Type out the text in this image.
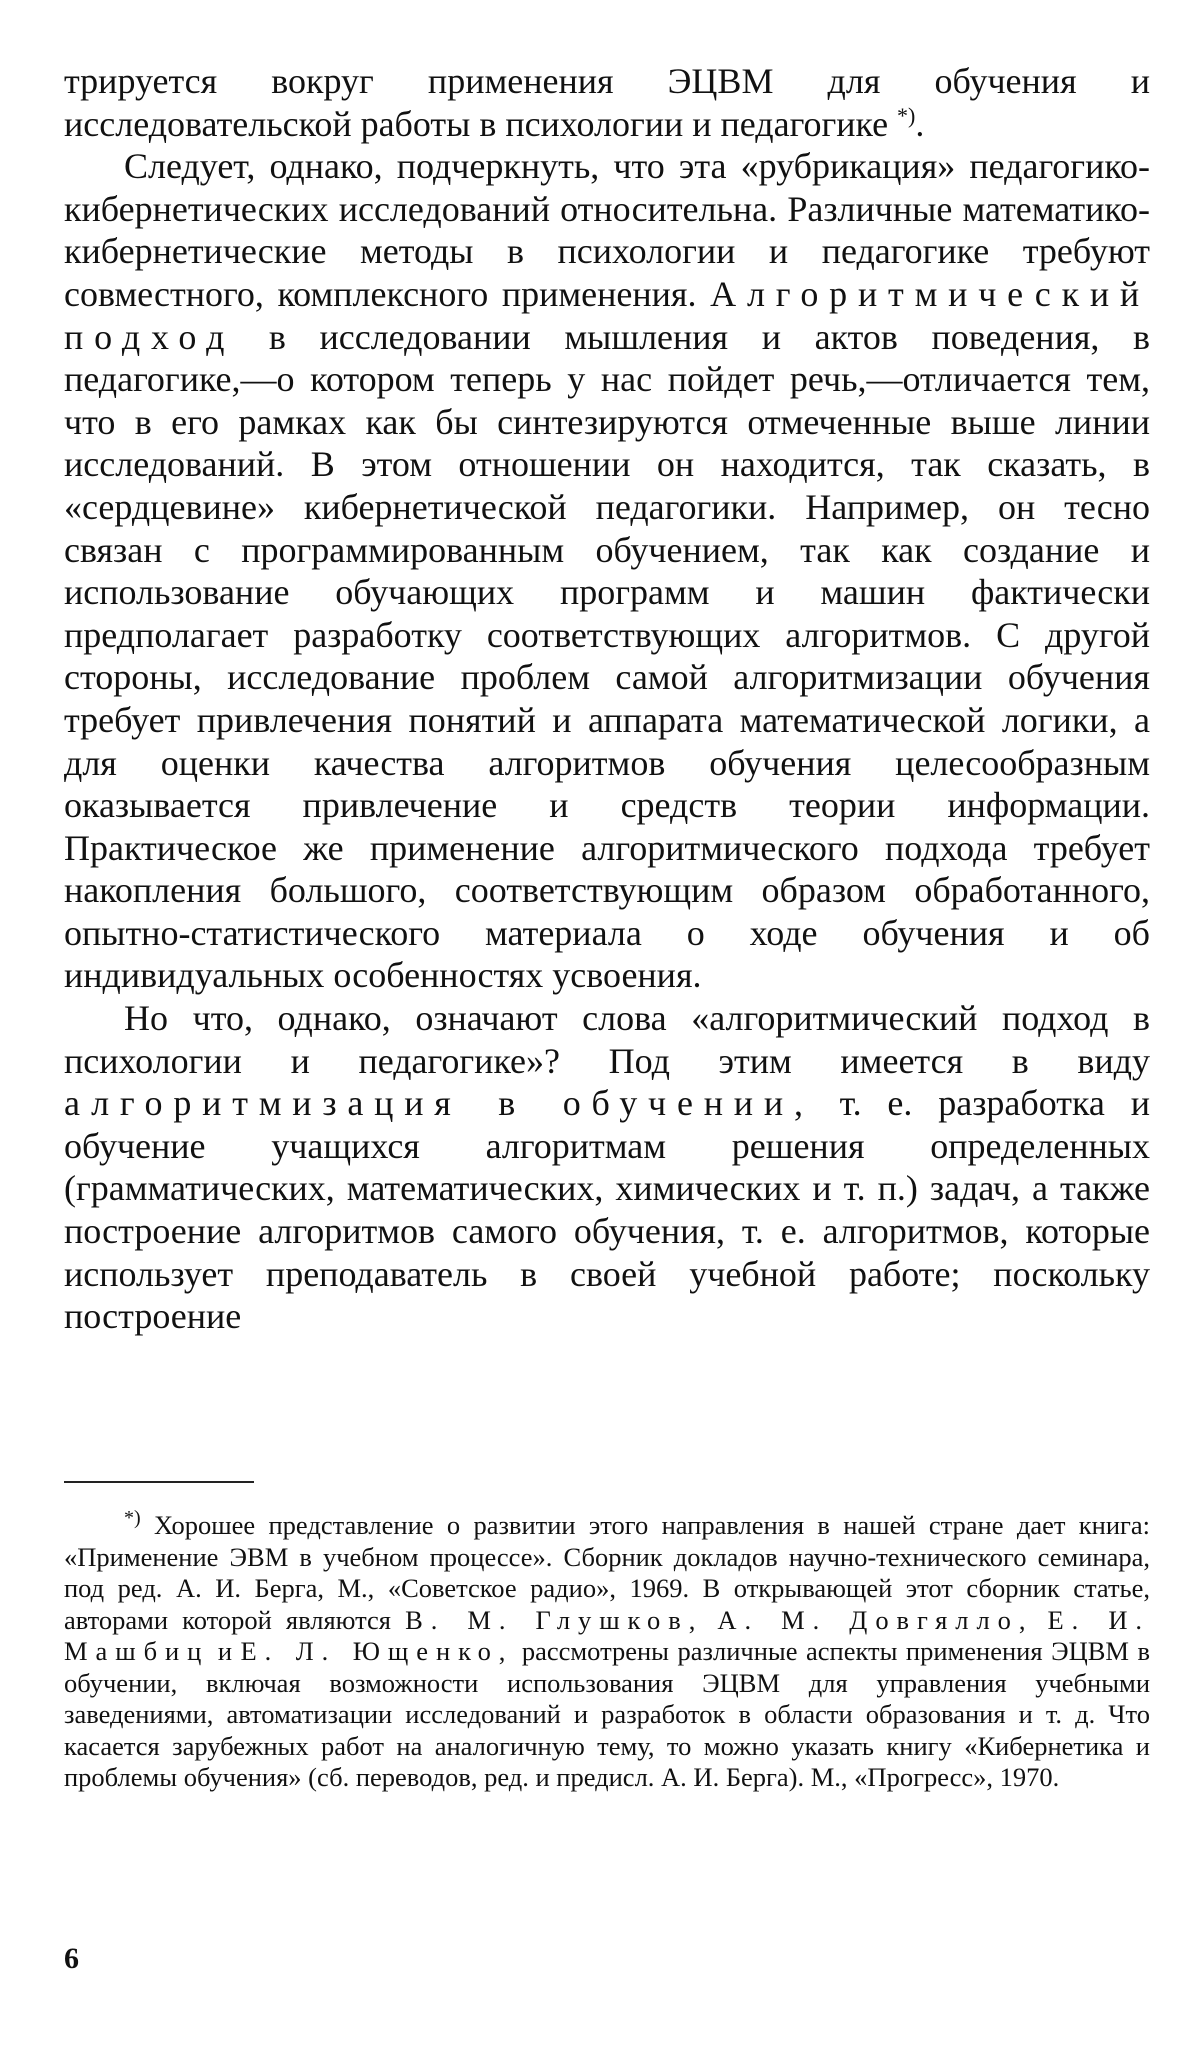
трируется вокруг применения ЭЦВМ для обучения и исследовательской работы в психологии и педагогике *).

Следует, однако, подчеркнуть, что эта «рубрикация» педагогико-кибернетических исследований относительна. Различные математико-кибернетические методы в психологии и педагогике требуют совместного, комплексного применения. Алгоритмический подход в исследовании мышления и актов поведения, в педагогике,—о котором теперь у нас пойдет речь,—отличается тем, что в его рамках как бы синтезируются отмеченные выше линии исследований. В этом отношении он находится, так сказать, в «сердцевине» кибернетической педагогики. Например, он тесно связан с программированным обучением, так как создание и использование обучающих программ и машин фактически предполагает разработку соответствующих алгоритмов. С другой стороны, исследование проблем самой алгоритмизации обучения требует привлечения понятий и аппарата математической логики, а для оценки качества алгоритмов обучения целесообразным оказывается привлечение и средств теории информации. Практическое же применение алгоритмического подхода требует накопления большого, соответствующим образом обработанного, опытно-статистического материала о ходе обучения и об индивидуальных особенностях усвоения.

Но что, однако, означают слова «алгоритмический подход в психологии и педагогике»? Под этим имеется в виду алгоритмизация в обучении, т. е. разработка и обучение учащихся алгоритмам решения определенных (грамматических, математических, химических и т. п.) задач, а также построение алгоритмов самого обучения, т. е. алгоритмов, которые использует преподаватель в своей учебной работе; поскольку построение

*) Хорошее представление о развитии этого направления в нашей стране дает книга: «Применение ЭВМ в учебном процессе». Сборник докладов научно-технического семинара, под ред. А. И. Берга, М., «Советское радио», 1969. В открывающей этот сборник статье, авторами которой являются В. М. Глушков, А. М. Довгялло, Е. И. Машбиц и Е. Л. Ющенко, рассмотрены различные аспекты применения ЭЦВМ в обучении, включая возможности использования ЭЦВМ для управления учебными заведениями, автоматизации исследований и разработок в области образования и т. д. Что касается зарубежных работ на аналогичную тему, то можно указать книгу «Кибернетика и проблемы обучения» (сб. переводов, ред. и предисл. А. И. Берга). М., «Прогресс», 1970.

6
